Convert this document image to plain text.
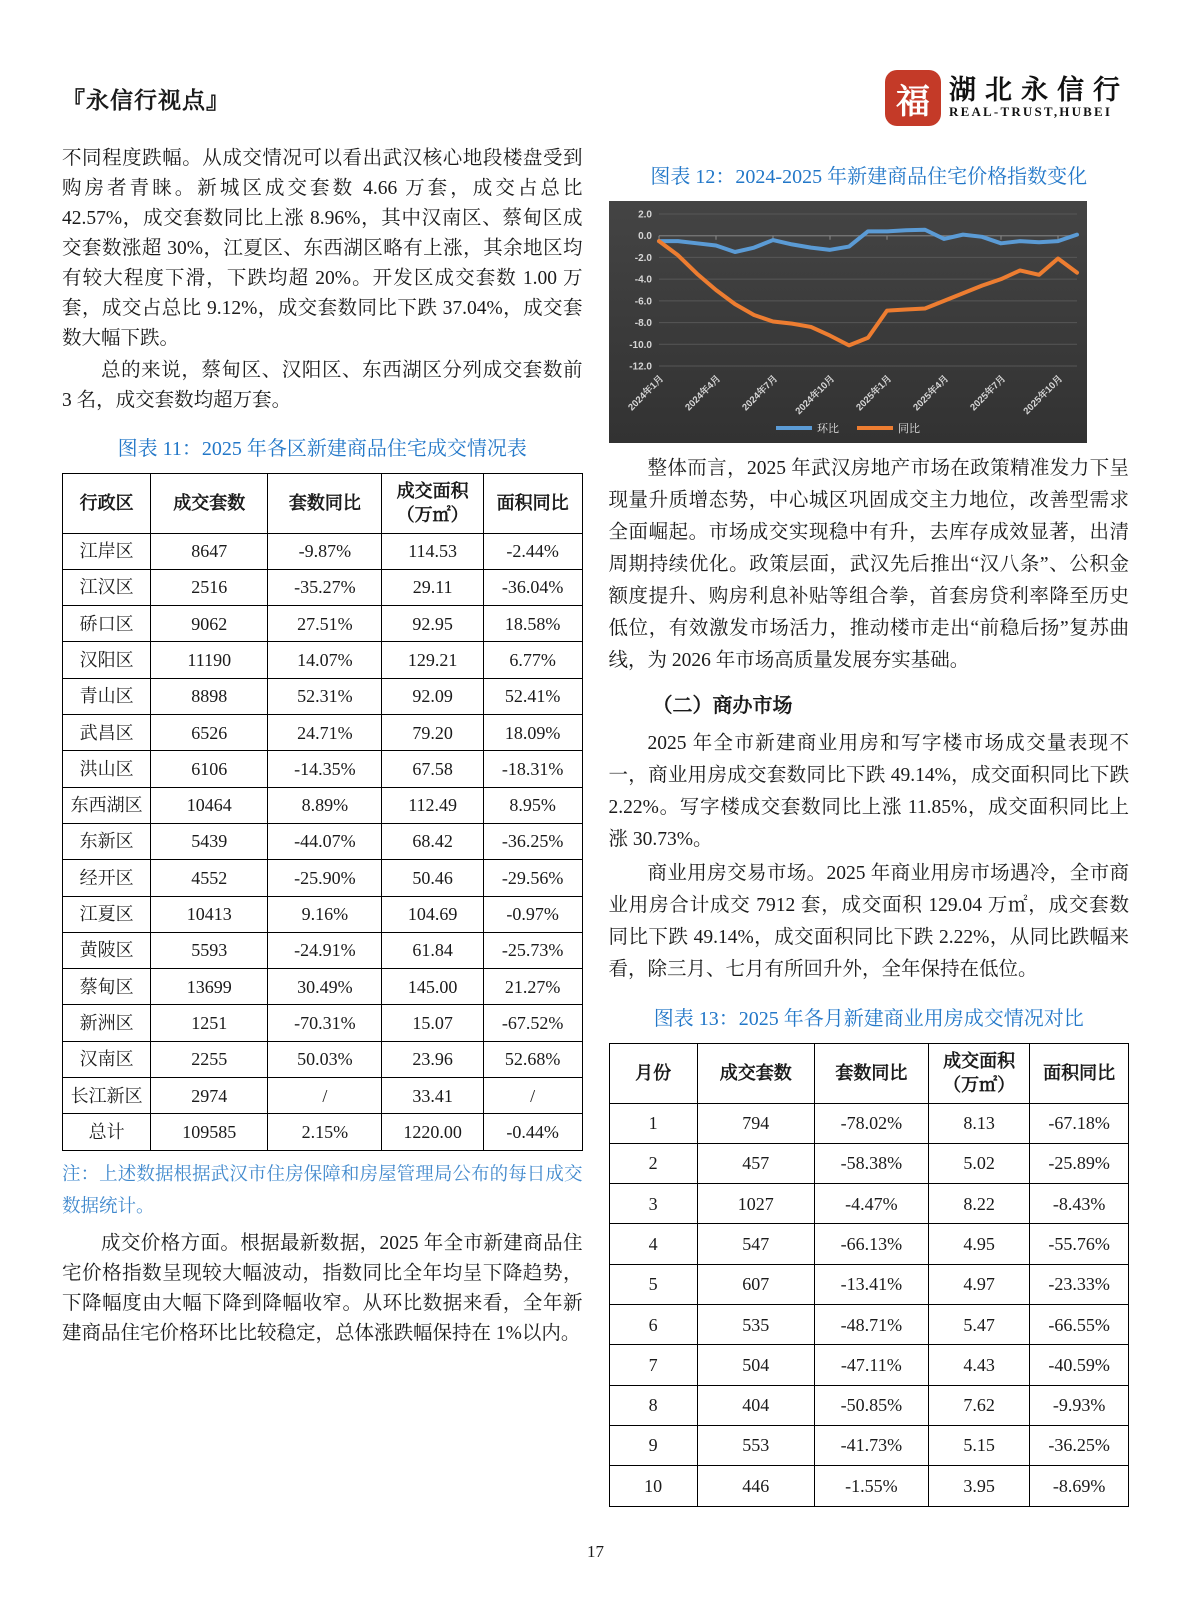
『永信行视点』	福 湖北永信行
REAL-TRUST,HUBEI

不同程度跌幅。从成交情况可以看出武汉核心地段楼盘受到购房者青睐。新城区成交套数 4.66 万套，成交占总比 42.57%，成交套数同比上涨 8.96%，其中汉南区、蔡甸区成交套数涨超 30%，江夏区、东西湖区略有上涨，其余地区均有较大程度下滑，下跌均超 20%。开发区成交套数 1.00 万套，成交占总比 9.12%，成交套数同比下跌 37.04%，成交套数大幅下跌。

总的来说，蔡甸区、汉阳区、东西湖区分列成交套数前 3 名，成交套数均超万套。

图表 11：2025 年各区新建商品住宅成交情况表
行政区	成交套数	套数同比	成交面积（万㎡）	面积同比
江岸区	8647	-9.87%	114.53	-2.44%
江汉区	2516	-35.27%	29.11	-36.04%
硚口区	9062	27.51%	92.95	18.58%
汉阳区	11190	14.07%	129.21	6.77%
青山区	8898	52.31%	92.09	52.41%
武昌区	6526	24.71%	79.20	18.09%
洪山区	6106	-14.35%	67.58	-18.31%
东西湖区	10464	8.89%	112.49	8.95%
东新区	5439	-44.07%	68.42	-36.25%
经开区	4552	-25.90%	50.46	-29.56%
江夏区	10413	9.16%	104.69	-0.97%
黄陂区	5593	-24.91%	61.84	-25.73%
蔡甸区	13699	30.49%	145.00	21.27%
新洲区	1251	-70.31%	15.07	-67.52%
汉南区	2255	50.03%	23.96	52.68%
长江新区	2974	/	33.41	/
总计	109585	2.15%	1220.00	-0.44%

注：上述数据根据武汉市住房保障和房屋管理局公布的每日成交数据统计。

成交价格方面。根据最新数据，2025 年全市新建商品住宅价格指数呈现较大幅波动，指数同比全年均呈下降趋势，下降幅度由大幅下降到降幅收窄。从环比数据来看，全年新建商品住宅价格环比比较稳定，总体涨跌幅保持在 1%以内。

图表 12：2024-2025 年新建商品住宅价格指数变化
2.0
0.0
-2.0
-4.0
-6.0
-8.0
-10.0
-12.0
2024年1月 2024年4月 2024年7月 2024年10月 2025年1月 2025年4月 2025年7月 2025年10月
环比	同比

整体而言，2025 年武汉房地产市场在政策精准发力下呈现量升质增态势，中心城区巩固成交主力地位，改善型需求全面崛起。市场成交实现稳中有升，去库存成效显著，出清周期持续优化。政策层面，武汉先后推出“汉八条”、公积金额度提升、购房利息补贴等组合拳，首套房贷利率降至历史低位，有效激发市场活力，推动楼市走出“前稳后扬”复苏曲线，为 2026 年市场高质量发展夯实基础。

（二）商办市场

2025 年全市新建商业用房和写字楼市场成交量表现不一，商业用房成交套数同比下跌 49.14%，成交面积同比下跌 2.22%。写字楼成交套数同比上涨 11.85%，成交面积同比上涨 30.73%。

商业用房交易市场。2025 年商业用房市场遇冷，全市商业用房合计成交 7912 套，成交面积 129.04 万㎡，成交套数同比下跌 49.14%，成交面积同比下跌 2.22%，从同比跌幅来看，除三月、七月有所回升外，全年保持在低位。

图表 13：2025 年各月新建商业用房成交情况对比
月份	成交套数	套数同比	成交面积（万㎡）	面积同比
1	794	-78.02%	8.13	-67.18%
2	457	-58.38%	5.02	-25.89%
3	1027	-4.47%	8.22	-8.43%
4	547	-66.13%	4.95	-55.76%
5	607	-13.41%	4.97	-23.33%
6	535	-48.71%	5.47	-66.55%
7	504	-47.11%	4.43	-40.59%
8	404	-50.85%	7.62	-9.93%
9	553	-41.73%	5.15	-36.25%
10	446	-1.55%	3.95	-8.69%
17
